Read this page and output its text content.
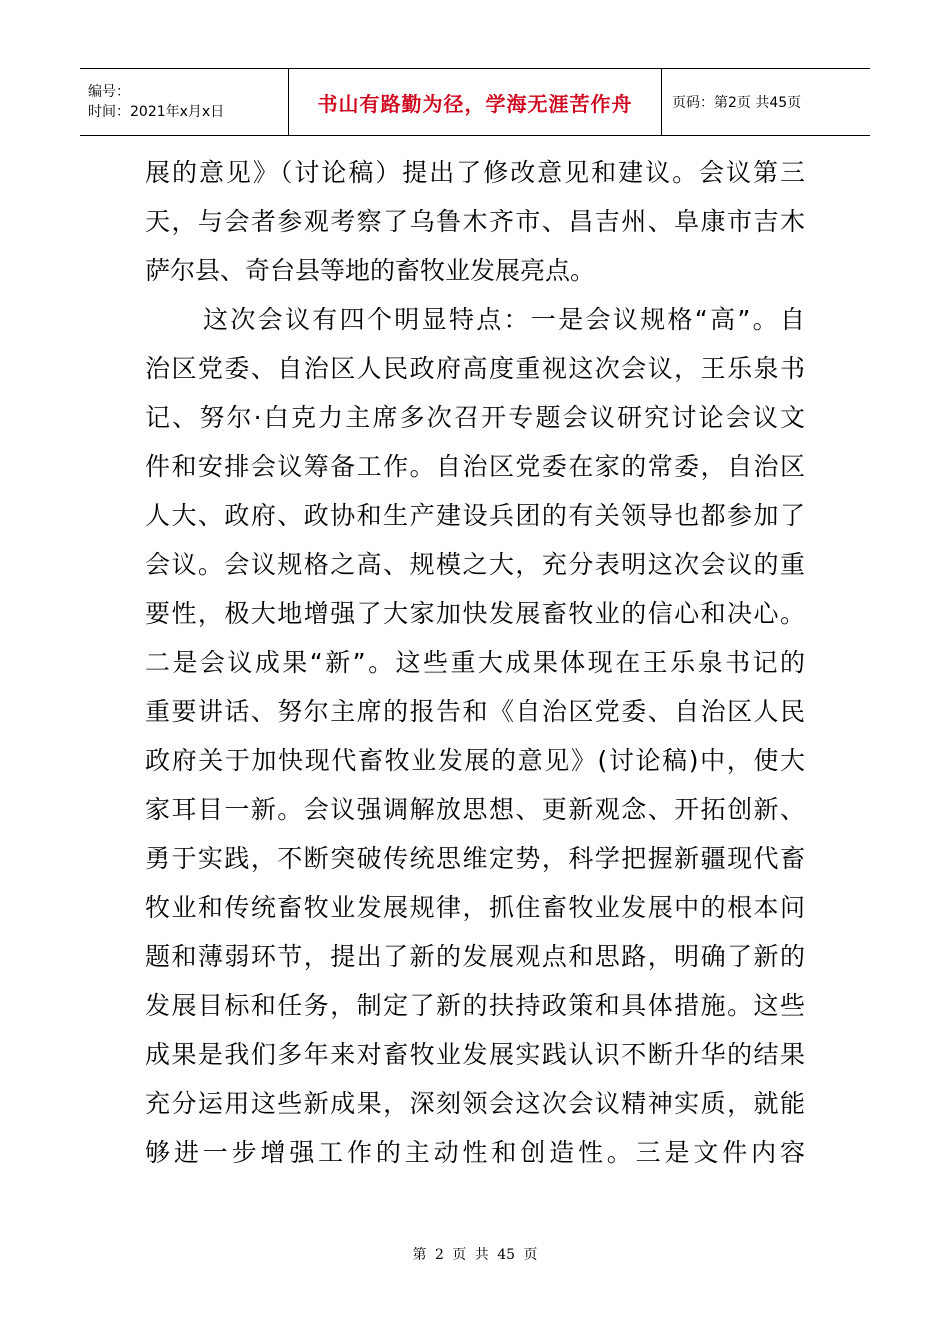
编号：
时间：2021年x月x日	书山有路勤为径，学海无涯苦作舟	页码：第2页 共45页
展的意见》（讨论稿）提出了修改意见和建议。会议第三
天，与会者参观考察了乌鲁木齐市、昌吉州、阜康市吉木
萨尔县、奇台县等地的畜牧业发展亮点。
这次会议有四个明显特点：一是会议规格“高”。自
治区党委、自治区人民政府高度重视这次会议，王乐泉书
记、努尔·白克力主席多次召开专题会议研究讨论会议文
件和安排会议筹备工作。自治区党委在家的常委，自治区
人大、政府、政协和生产建设兵团的有关领导也都参加了
会议。会议规格之高、规模之大，充分表明这次会议的重
要性，极大地增强了大家加快发展畜牧业的信心和决心。
二是会议成果“新”。这些重大成果体现在王乐泉书记的
重要讲话、努尔主席的报告和《自治区党委、自治区人民
政府关于加快现代畜牧业发展的意见》(讨论稿)中，使大
家耳目一新。会议强调解放思想、更新观念、开拓创新、
勇于实践，不断突破传统思维定势，科学把握新疆现代畜
牧业和传统畜牧业发展规律，抓住畜牧业发展中的根本问
题和薄弱环节，提出了新的发展观点和思路，明确了新的
发展目标和任务，制定了新的扶持政策和具体措施。这些
成果是我们多年来对畜牧业发展实践认识不断升华的结果
充分运用这些新成果，深刻领会这次会议精神实质，就能
够进一步增强工作的主动性和创造性。三是文件内容
第 2 页 共 45 页
